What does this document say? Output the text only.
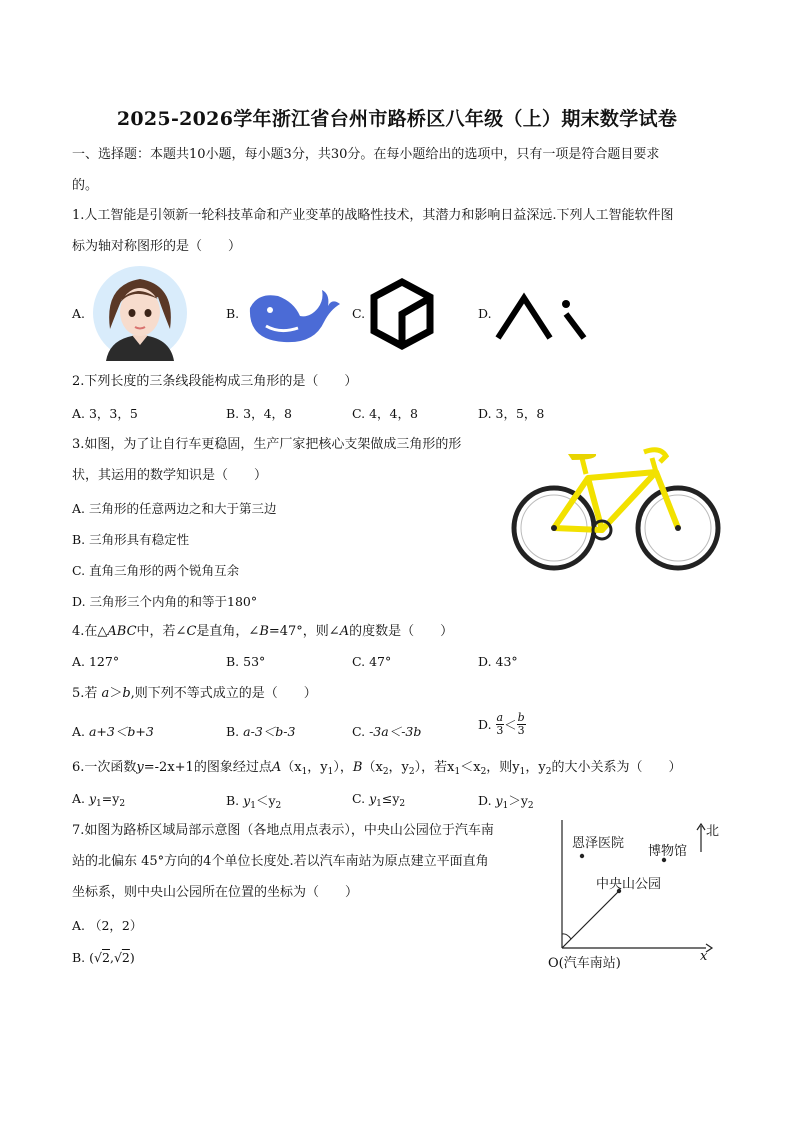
2025-2026学年浙江省台州市路桥区八年级（上）期末数学试卷
一、选择题：本题共10小题，每小题3分，共30分。在每小题给出的选项中，只有一项是符合题目要求
的。
1.人工智能是引领新一轮科技革命和产业变革的战略性技术，其潜力和影响日益深远.下列人工智能软件图
标为轴对称图形的是（　　）
A.	B.	C.	D.
2.下列长度的三条线段能构成三角形的是（　　）
A. 3，3，5	B. 3，4，8	C. 4，4，8	D. 3，5，8
3.如图，为了让自行车更稳固，生产厂家把核心支架做成三角形的形
状，其运用的数学知识是（　　）
A. 三角形的任意两边之和大于第三边
B. 三角形具有稳定性
C. 直角三角形的两个锐角互余
D. 三角形三个内角的和等于180°
4.在△ABC中，若∠C是直角，∠B=47°，则∠A的度数是（　　）
A. 127°	B. 53°	C. 47°	D. 43°
5.若 a＞b,则下列不等式成立的是（　　）
A. a+3＜b+3	B. a-3＜b-3	C. -3a＜-3b	D. $\frac{a}{3} < \frac{b}{3}$
6.一次函数y=-2x+1的图象经过点$A(x_1$，$y_1$），$B(x_2$，$y_2$），若$x_1<x_2$，则$y_1$，$y_2$的大小关系为（　　）
A. $y_1=y_2$	B. $y_1<y_2$	C. $y_1\le y_2$	D. $y_1>y_2$
7.如图为路桥区域局部示意图（各地点用点表示），中央山公园位于汽车南
站的北偏东 45°方向的4个单位长度处.若以汽车南站为原点建立平面直角
坐标系，则中央山公园所在位置的坐标为（　　）
A. （2，2）
B. (√2,√2)
恩泽医院
博物馆
北
中央山公园
O(汽车南站)	x
